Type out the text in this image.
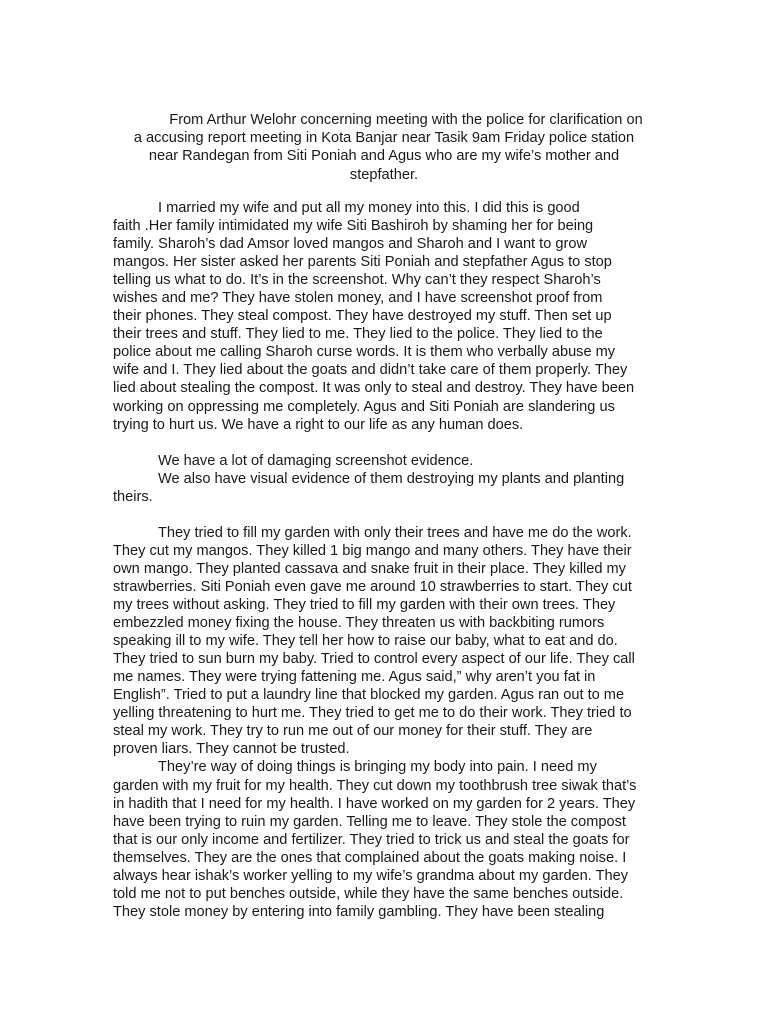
From Arthur Welohr concerning meeting with the police for clarification on
a accusing report meeting in Kota Banjar near Tasik 9am Friday police station
near Randegan from Siti Poniah and Agus who are my wife’s mother and
stepfather.
I married my wife and put all my money into this. I did this is good
faith .Her family intimidated my wife Siti Bashiroh by shaming her for being
family. Sharoh’s dad Amsor loved mangos and Sharoh and I want to grow
mangos. Her sister asked her parents Siti Poniah and stepfather Agus to stop
telling us what to do. It’s in the screenshot. Why can’t they respect Sharoh’s
wishes and me? They have stolen money, and I have screenshot proof from
their phones. They steal compost. They have destroyed my stuff. Then set up
their trees and stuff. They lied to me. They lied to the police. They lied to the
police about me calling Sharoh curse words. It is them who verbally abuse my
wife and I. They lied about the goats and didn’t take care of them properly. They
lied about stealing the compost. It was only to steal and destroy. They have been
working on oppressing me completely. Agus and Siti Poniah are slandering us
trying to hurt us. We have a right to our life as any human does.
We have a lot of damaging screenshot evidence.
We also have visual evidence of them destroying my plants and planting
theirs.
They tried to fill my garden with only their trees and have me do the work.
They cut my mangos. They killed 1 big mango and many others. They have their
own mango. They planted cassava and snake fruit in their place. They killed my
strawberries. Siti Poniah even gave me around 10 strawberries to start. They cut
my trees without asking. They tried to fill my garden with their own trees. They
embezzled money fixing the house. They threaten us with backbiting rumors
speaking ill to my wife. They tell her how to raise our baby, what to eat and do.
They tried to sun burn my baby. Tried to control every aspect of our life. They call
me names. They were trying fattening me. Agus said,” why aren’t you fat in
English”. Tried to put a laundry line that blocked my garden. Agus ran out to me
yelling threatening to hurt me. They tried to get me to do their work. They tried to
steal my work. They try to run me out of our money for their stuff. They are
proven liars. They cannot be trusted.
They’re way of doing things is bringing my body into pain. I need my
garden with my fruit for my health. They cut down my toothbrush tree siwak that’s
in hadith that I need for my health. I have worked on my garden for 2 years. They
have been trying to ruin my garden. Telling me to leave. They stole the compost
that is our only income and fertilizer. They tried to trick us and steal the goats for
themselves. They are the ones that complained about the goats making noise. I
always hear ishak’s worker yelling to my wife’s grandma about my garden. They
told me not to put benches outside, while they have the same benches outside.
They stole money by entering into family gambling. They have been stealing
